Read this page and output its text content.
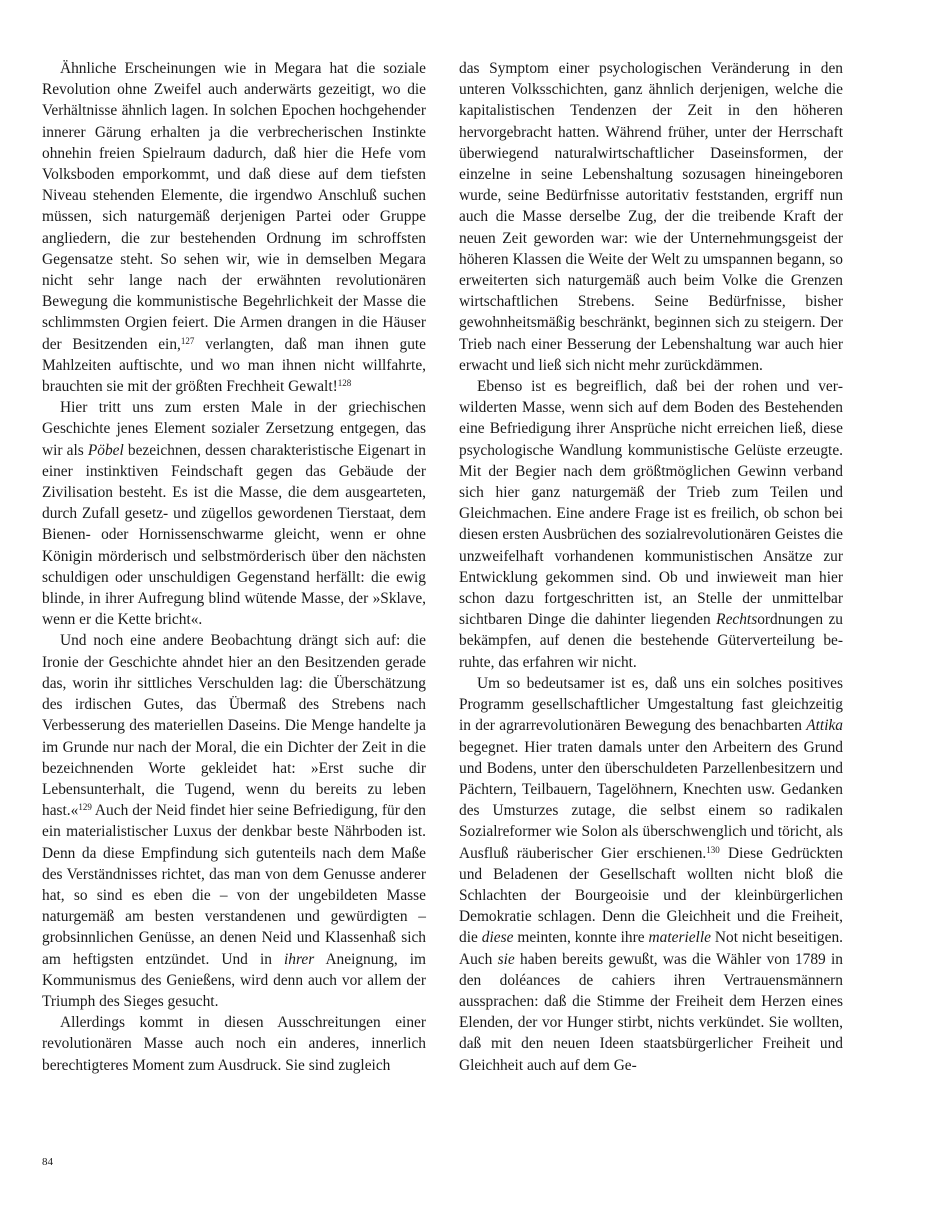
Ähnliche Erscheinungen wie in Megara hat die soziale Revolution ohne Zweifel auch anderwärts gezeitigt, wo die Verhältnisse ähnlich lagen. In solchen Epochen hochgehender innerer Gärung erhalten ja die verbrecherischen Instinkte ohnehin freien Spielraum dadurch, daß hier die Hefe vom Volksboden emporkommt, und daß diese auf dem tiefsten Niveau stehenden Elemente, die irgendwo Anschluß suchen müssen, sich naturgemäß derjenigen Partei oder Gruppe angliedern, die zur bestehenden Ordnung im schroffsten Gegensatze steht. So sehen wir, wie in demselben Megara nicht sehr lange nach der erwähnten revolutionären Bewegung die kommunistische Begehrlichkeit der Masse die schlimmsten Orgien feiert. Die Armen drangen in die Häuser der Besitzenden ein,$^{127}$ verlangten, daß man ihnen gute Mahlzeiten auftischte, und wo man ihnen nicht willfahrte, brauchten sie mit der größten Frechheit Gewalt!$^{128}$

Hier tritt uns zum ersten Male in der griechischen Geschichte jenes Element sozialer Zersetzung entgegen, das wir als Pöbel bezeichnen, dessen charakteristische Eigenart in einer instinktiven Feindschaft gegen das Gebäude der Zivilisation besteht. Es ist die Masse, die dem ausgearteten, durch Zufall gesetz- und zügellos gewordenen Tierstaat, dem Bienen- oder Hornissenschwarme gleicht, wenn er ohne Königin mörderisch und selbstmörderisch über den nächsten schuldigen oder unschuldigen Gegenstand herfällt: die ewig blinde, in ihrer Aufregung blind wütende Masse, der »Sklave, wenn er die Kette bricht«.

Und noch eine andere Beobachtung drängt sich auf: die Ironie der Geschichte ahndet hier an den Besitzenden gerade das, worin ihr sittliches Verschulden lag: die Überschätzung des irdischen Gutes, das Übermaß des Strebens nach Verbesserung des materiellen Daseins. Die Menge handelte ja im Grunde nur nach der Moral, die ein Dichter der Zeit in die bezeichnenden Worte gekleidet hat: »Erst suche dir Lebensunterhalt, die Tugend, wenn du bereits zu leben hast.«$^{129}$ Auch der Neid findet hier seine Befriedigung, für den ein materialistischer Luxus der denkbar beste Nährboden ist. Denn da diese Empfindung sich gutenteils nach dem Maße des Verständnisses richtet, das man von dem Genusse anderer hat, so sind es eben die – von der ungebildeten Masse naturgemäß am besten verstandenen und gewürdigten – grobsinnlichen Genüsse, an denen Neid und Klassenhaß sich am heftigsten entzündet. Und in ihrer Aneignung, im Kommunismus des Genießens, wird denn auch vor allem der Triumph des Sieges gesucht.

Allerdings kommt in diesen Ausschreitungen einer revolutionären Masse auch noch ein anderes, innerlich berechtigteres Moment zum Ausdruck. Sie sind zugleich

das Symptom einer psychologischen Veränderung in den unteren Volksschichten, ganz ähnlich derjenigen, welche die kapitalistischen Tendenzen der Zeit in den höheren hervorgebracht hatten. Während früher, unter der Herrschaft überwiegend naturalwirtschaftlicher Daseinsformen, der einzelne in seine Lebenshaltung sozusagen hineingeboren wurde, seine Bedürfnisse autoritativ feststanden, ergriff nun auch die Masse derselbe Zug, der die treibende Kraft der neuen Zeit geworden war: wie der Unternehmungsgeist der höheren Klassen die Weite der Welt zu umspannen begann, so erweiterten sich naturgemäß auch beim Volke die Grenzen wirtschaftlichen Strebens. Seine Bedürfnisse, bisher gewohnheitsmäßig beschränkt, beginnen sich zu steigern. Der Trieb nach einer Besserung der Lebenshaltung war auch hier erwacht und ließ sich nicht mehr zurückdämmen.

Ebenso ist es begreiflich, daß bei der rohen und verwilderten Masse, wenn sich auf dem Boden des Bestehenden eine Befriedigung ihrer Ansprüche nicht erreichen ließ, diese psychologische Wandlung kommunistische Gelüste erzeugte. Mit der Begier nach dem größtmöglichen Gewinn verband sich hier ganz naturgemäß der Trieb zum Teilen und Gleichmachen. Eine andere Frage ist es freilich, ob schon bei diesen ersten Ausbrüchen des sozialrevolutionären Geistes die unzweifelhaft vorhandenen kommunistischen Ansätze zur Entwicklung gekommen sind. Ob und inwieweit man hier schon dazu fortgeschritten ist, an Stelle der unmittelbar sichtbaren Dinge die dahinter liegenden Rechtsordnungen zu bekämpfen, auf denen die bestehende Güterverteilung beruhte, das erfahren wir nicht.

Um so bedeutsamer ist es, daß uns ein solches positives Programm gesellschaftlicher Umgestaltung fast gleichzeitig in der agrarrevolutionären Bewegung des benachbarten Attika begegnet. Hier traten damals unter den Arbeitern des Grund und Bodens, unter den überschuldeten Parzellenbesitzern und Pächtern, Teilbauern, Tagelöhnern, Knechten usw. Gedanken des Umsturzes zutage, die selbst einem so radikalen Sozialreformer wie Solon als überschwenglich und töricht, als Ausfluß räuberischer Gier erschienen.$^{130}$ Diese Gedrückten und Beladenen der Gesellschaft wollten nicht bloß die Schlachten der Bourgeoisie und der kleinbürgerlichen Demokratie schlagen. Denn die Gleichheit und die Freiheit, die diese meinten, konnte ihre materielle Not nicht beseitigen. Auch sie haben bereits gewußt, was die Wähler von 1789 in den doléances de cahiers ihren Vertrauensmännern aussprachen: daß die Stimme der Freiheit dem Herzen eines Elenden, der vor Hunger stirbt, nichts verkündet. Sie wollten, daß mit den neuen Ideen staatsbürgerlicher Freiheit und Gleichheit auch auf dem Ge-

84
